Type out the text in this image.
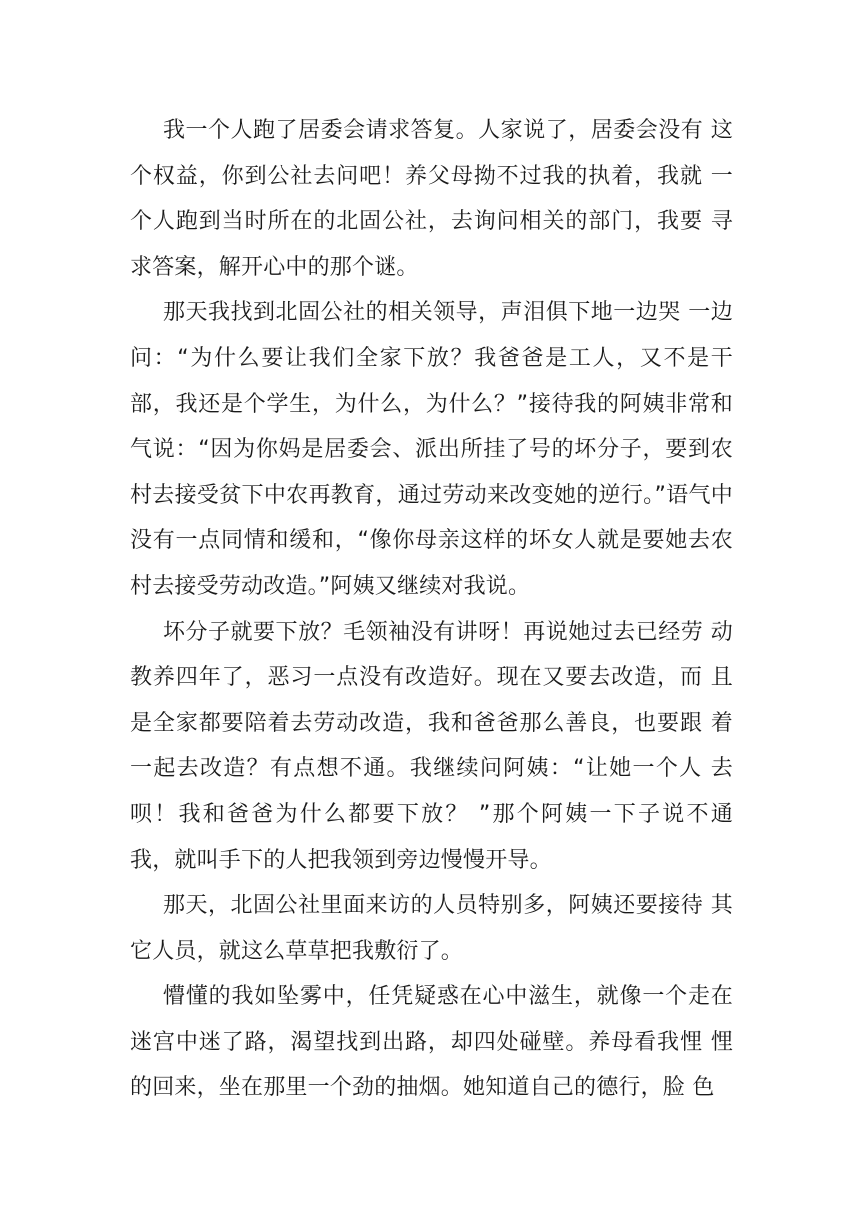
我一个人跑了居委会请求答复。人家说了，居委会没有 这个权益，你到公社去问吧！养父母拗不过我的执着，我就 一个人跑到当时所在的北固公社，去询问相关的部门，我要 寻求答案，解开心中的那个谜。

那天我找到北固公社的相关领导，声泪俱下地一边哭 一边问：“为什么要让我们全家下放？我爸爸是工人，又不是干部，我还是个学生，为什么，为什么？”接待我的阿姨非常和气说：“因为你妈是居委会、派出所挂了号的坏分子，要到农村去接受贫下中农再教育，通过劳动来改变她的逆行。”语气中没有一点同情和缓和，“像你母亲这样的坏女人就是要她去农村去接受劳动改造。”阿姨又继续对我说。

坏分子就要下放？毛领袖没有讲呀！再说她过去已经劳 动教养四年了，恶习一点没有改造好。现在又要去改造，而 且是全家都要陪着去劳动改造，我和爸爸那么善良，也要跟 着一起去改造？有点想不通。我继续问阿姨：“让她一个人 去呗！我和爸爸为什么都要下放？ ”那个阿姨一下子说不通 我，就叫手下的人把我领到旁边慢慢开导。

那天，北固公社里面来访的人员特别多，阿姨还要接待 其它人员，就这么草草把我敷衍了。

懵懂的我如坠雾中，任凭疑惑在心中滋生，就像一个走在迷宫中迷了路，渴望找到出路，却四处碰壁。养母看我悝 悝的回来，坐在那里一个劲的抽烟。她知道自己的德行，脸 色
